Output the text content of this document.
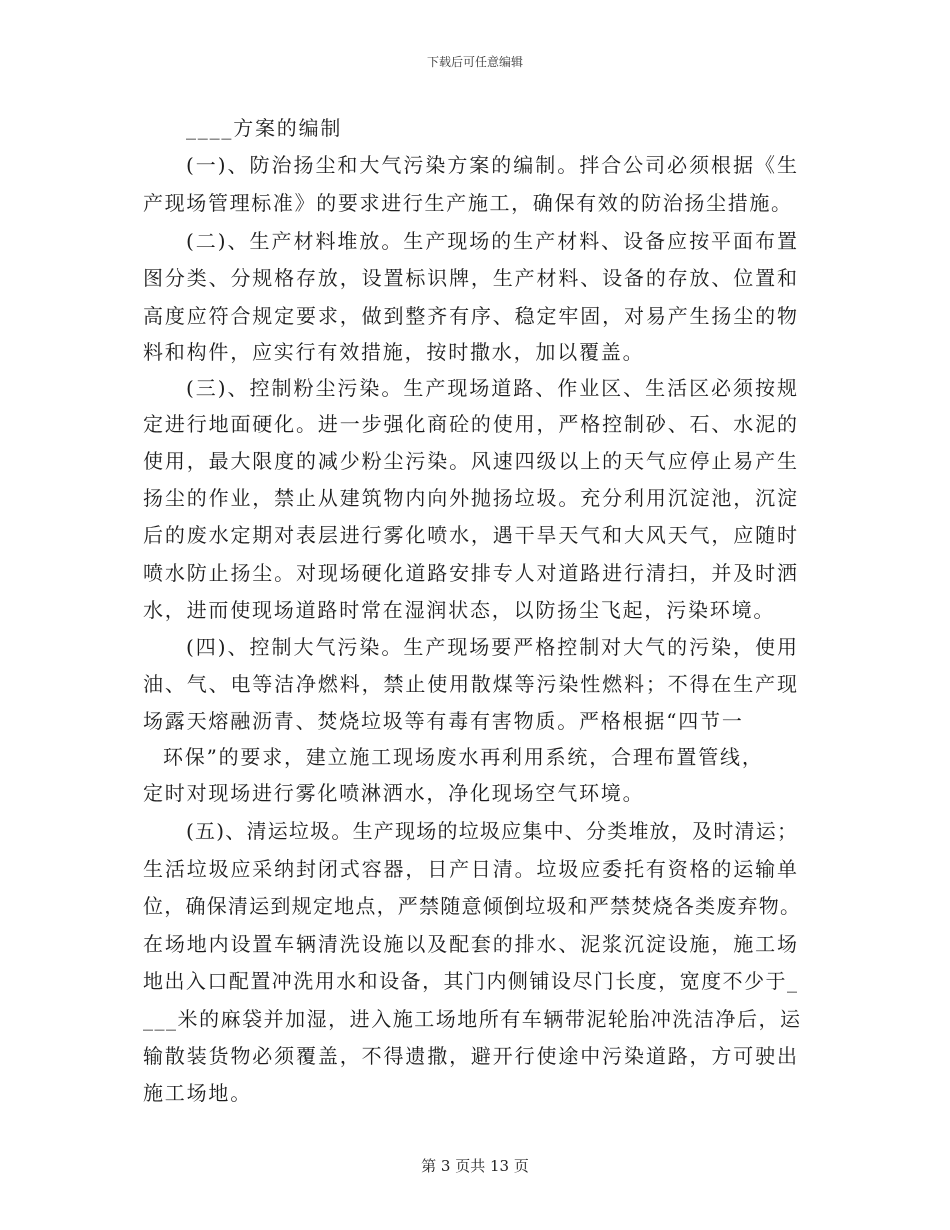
下载后可任意编辑
____方案的编制
(一)、防治扬尘和大气污染方案的编制。拌合公司必须根据《生
产现场管理标准》的要求进行生产施工，确保有效的防治扬尘措施。
(二)、生产材料堆放。生产现场的生产材料、设备应按平面布置
图分类、分规格存放，设置标识牌，生产材料、设备的存放、位置和
高度应符合规定要求，做到整齐有序、稳定牢固，对易产生扬尘的物
料和构件，应实行有效措施，按时撒水，加以覆盖。
(三)、控制粉尘污染。生产现场道路、作业区、生活区必须按规
定进行地面硬化。进一步强化商砼的使用，严格控制砂、石、水泥的
使用，最大限度的减少粉尘污染。风速四级以上的天气应停止易产生
扬尘的作业，禁止从建筑物内向外抛扬垃圾。充分利用沉淀池，沉淀
后的废水定期对表层进行雾化喷水，遇干旱天气和大风天气，应随时
喷水防止扬尘。对现场硬化道路安排专人对道路进行清扫，并及时洒
水，进而使现场道路时常在湿润状态，以防扬尘飞起，污染环境。
(四)、控制大气污染。生产现场要严格控制对大气的污染，使用
油、气、电等洁净燃料，禁止使用散煤等污染性燃料；不得在生产现
场露天熔融沥青、焚烧垃圾等有毒有害物质。严格根据“四节一
环保”的要求，建立施工现场废水再利用系统，合理布置管线，
定时对现场进行雾化喷淋洒水，净化现场空气环境。
(五)、清运垃圾。生产现场的垃圾应集中、分类堆放，及时清运；
生活垃圾应采纳封闭式容器，日产日清。垃圾应委托有资格的运输单
位，确保清运到规定地点，严禁随意倾倒垃圾和严禁焚烧各类废弃物。
在场地内设置车辆清洗设施以及配套的排水、泥浆沉淀设施，施工场
地出入口配置冲洗用水和设备，其门内侧铺设尽门长度，宽度不少于_
___米的麻袋并加湿，进入施工场地所有车辆带泥轮胎冲洗洁净后，运
输散装货物必须覆盖，不得遗撒，避开行使途中污染道路，方可驶出
施工场地。
第 3 页共 13 页
